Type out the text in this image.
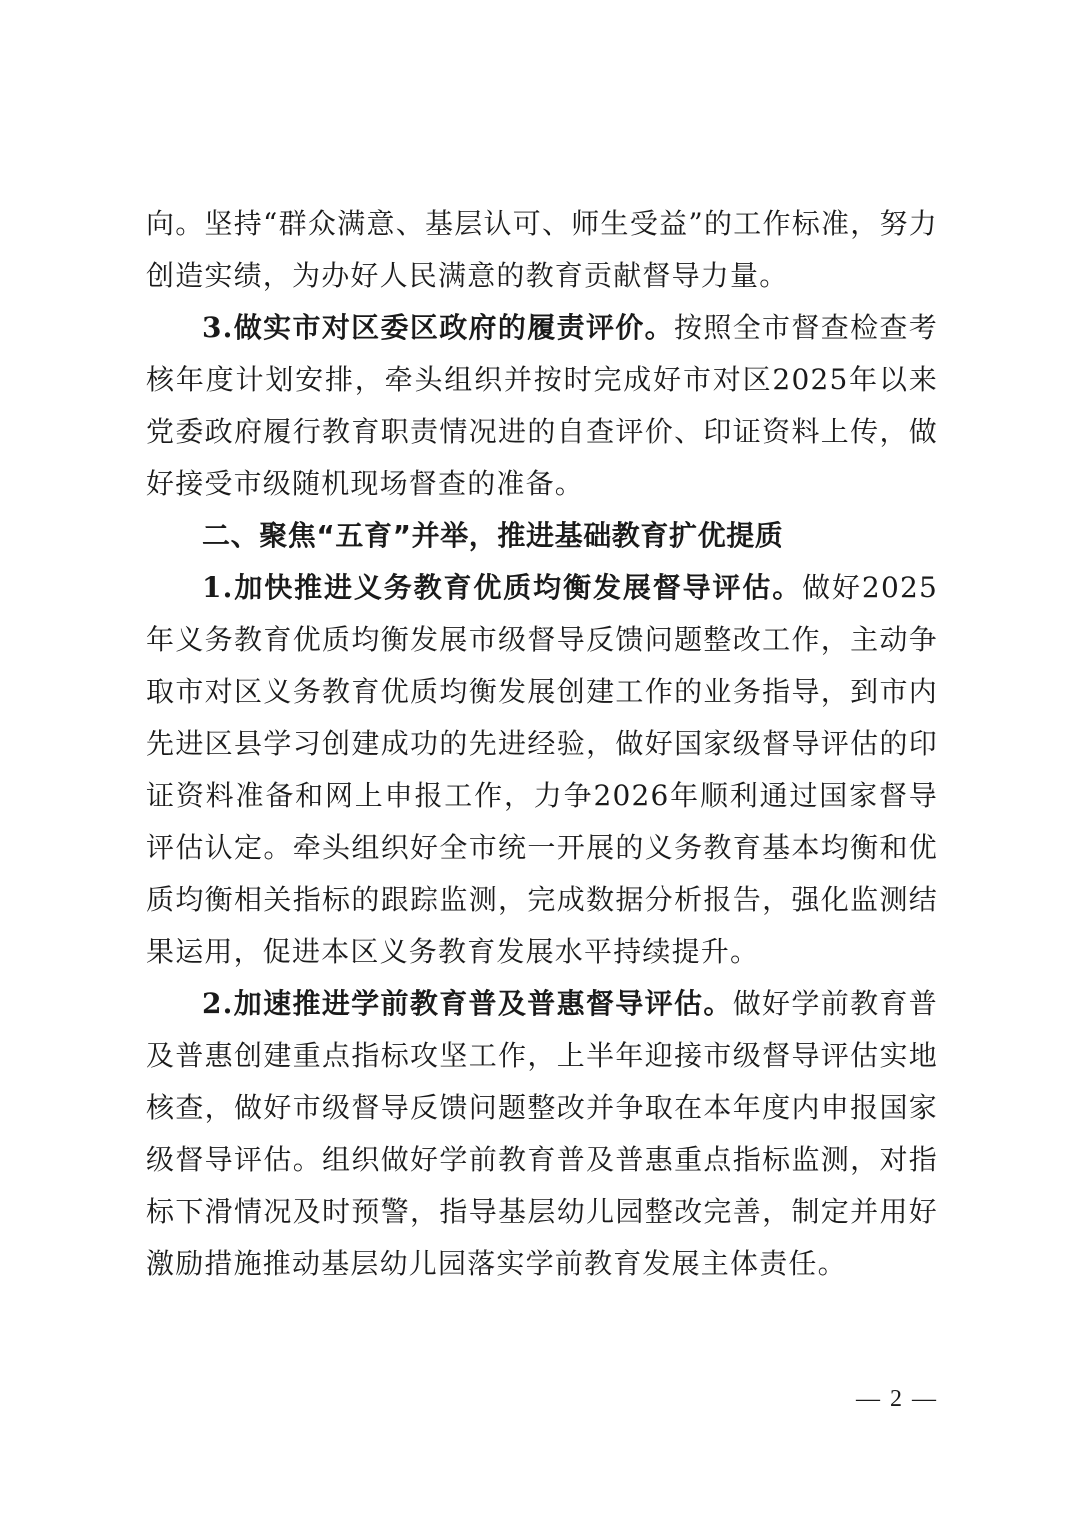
向。坚持“群众满意、基层认可、师生受益”的工作标准，努力创造实绩，为办好人民满意的教育贡献督导力量。

3.做实市对区委区政府的履责评价。按照全市督查检查考核年度计划安排，牵头组织并按时完成好市对区2025年以来党委政府履行教育职责情况进的自查评价、印证资料上传，做好接受市级随机现场督查的准备。

二、聚焦“五育”并举，推进基础教育扩优提质

1.加快推进义务教育优质均衡发展督导评估。做好2025年义务教育优质均衡发展市级督导反馈问题整改工作，主动争取市对区义务教育优质均衡发展创建工作的业务指导，到市内先进区县学习创建成功的先进经验，做好国家级督导评估的印证资料准备和网上申报工作，力争2026年顺利通过国家督导评估认定。牵头组织好全市统一开展的义务教育基本均衡和优质均衡相关指标的跟踪监测，完成数据分析报告，强化监测结果运用，促进本区义务教育发展水平持续提升。

2.加速推进学前教育普及普惠督导评估。做好学前教育普及普惠创建重点指标攻坚工作，上半年迎接市级督导评估实地核查，做好市级督导反馈问题整改并争取在本年度内申报国家级督导评估。组织做好学前教育普及普惠重点指标监测，对指标下滑情况及时预警，指导基层幼儿园整改完善，制定并用好激励措施推动基层幼儿园落实学前教育发展主体责任。

— 2 —
